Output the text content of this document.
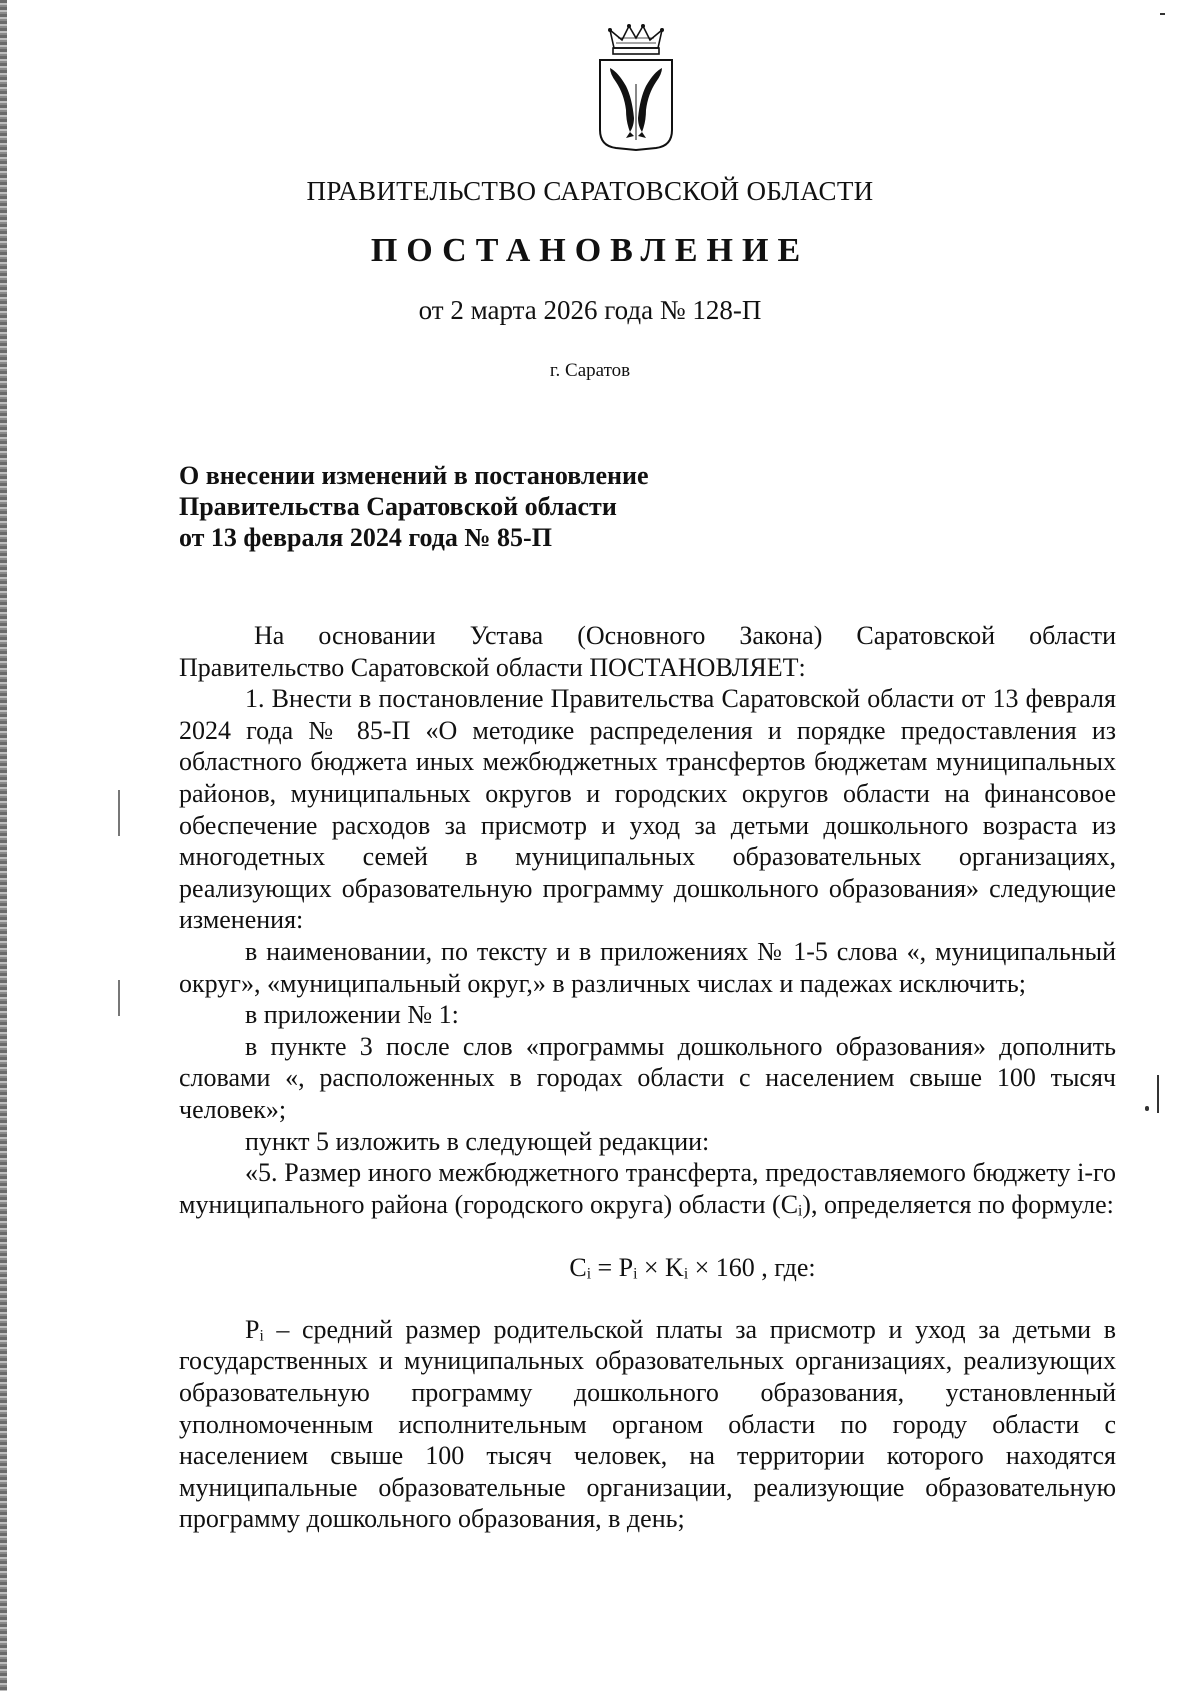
ПРАВИТЕЛЬСТВО САРАТОВСКОЙ ОБЛАСТИ
ПОСТАНОВЛЕНИЕ
от 2 марта 2026 года № 128-П
г. Саратов
О внесении изменений в постановление
Правительства Саратовской области
от 13 февраля 2024 года № 85-П

На основании Устава (Основного Закона) Саратовской области Правительство Саратовской области ПОСТАНОВЛЯЕТ:

1. Внести в постановление Правительства Саратовской области от 13 февраля 2024 года № 85-П «О методике распределения и порядке предоставления из областного бюджета иных межбюджетных трансфертов бюджетам муниципальных районов, муниципальных округов и городских округов области на финансовое обеспечение расходов за присмотр и уход за детьми дошкольного возраста из многодетных семей в муниципальных образовательных организациях, реализующих образовательную программу дошкольного образования» следующие изменения:

в наименовании, по тексту и в приложениях № 1-5 слова «, муниципальный округ», «муниципальный округ,» в различных числах и падежах исключить;

в приложении № 1:

в пункте 3 после слов «программы дошкольного образования» дополнить словами «, расположенных в городах области с населением свыше 100 тысяч человек»;

пункт 5 изложить в следующей редакции:

«5. Размер иного межбюджетного трансферта, предоставляемого бюджету i-го муниципального района (городского округа) области (Cᵢ), определяется по формуле:

Cᵢ = Pᵢ × Kᵢ × 160 , где:

Pᵢ – средний размер родительской платы за присмотр и уход за детьми в государственных и муниципальных образовательных организациях, реализующих образовательную программу дошкольного образования, установленный уполномоченным исполнительным органом области по городу области с населением свыше 100 тысяч человек, на территории которого находятся муниципальные образовательные организации, реализующие образовательную программу дошкольного образования, в день;
